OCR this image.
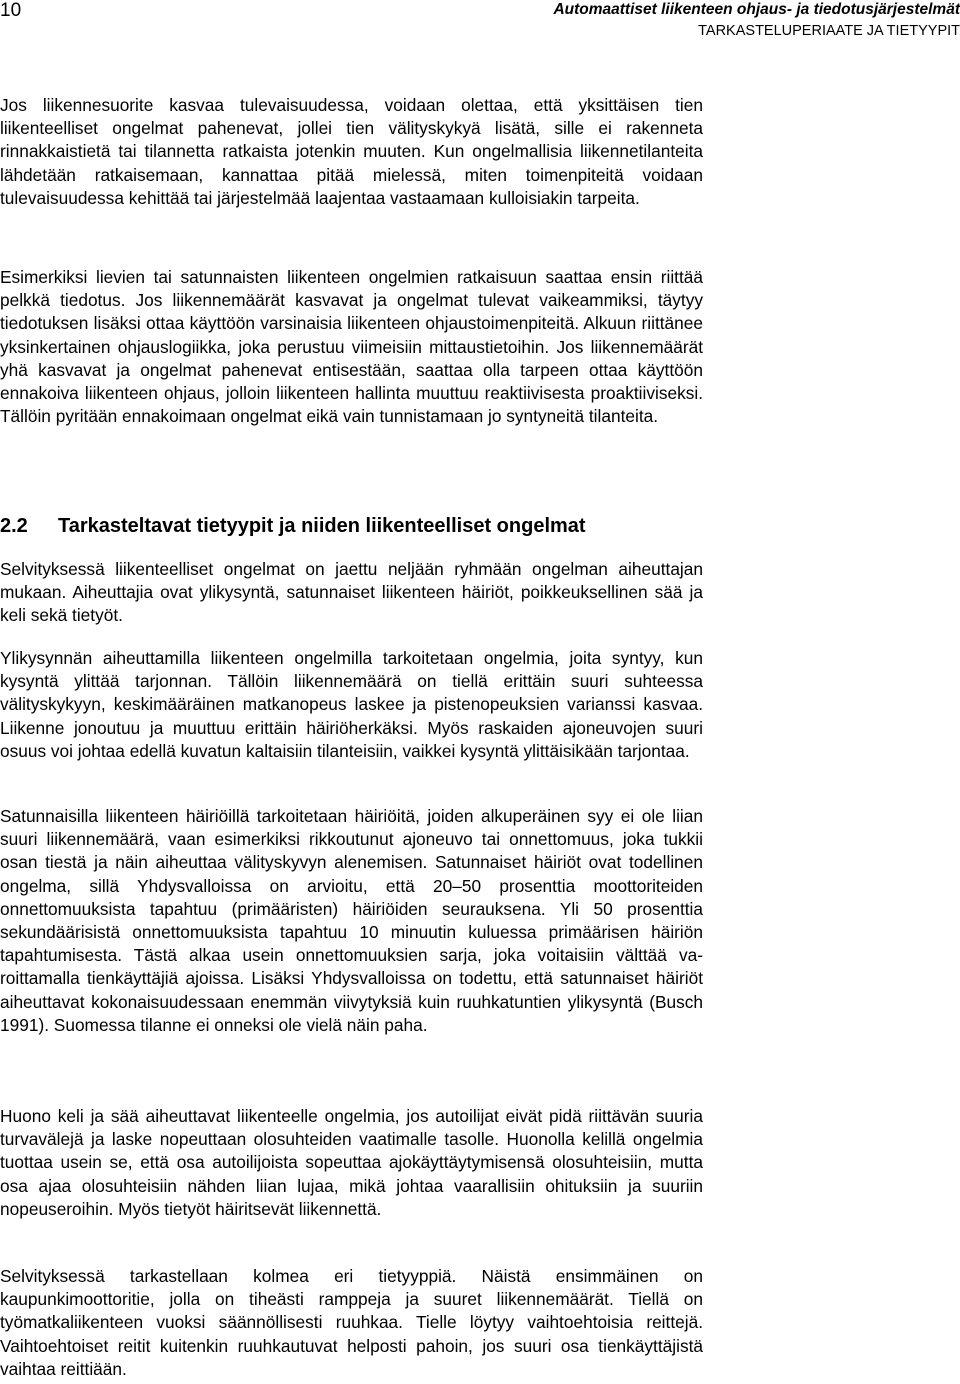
10	Automaattiset liikenteen ohjaus- ja tiedotusjärjestelmät
TARKASTELUPERIAATE JA TIETYYPIT

Jos liikennesuorite kasvaa tulevaisuudessa, voidaan olettaa, että yksittäisen tien liikenteelliset ongelmat pahenevat, jollei tien välityskykyä lisätä, sille ei rakenneta rinnakkaistietä tai tilannetta ratkaista jotenkin muuten. Kun ongelmallisia liikennetilanteita lähdetään ratkaisemaan, kannattaa pitää mielessä, miten toimenpiteitä voidaan tulevaisuudessa kehittää tai järjestelmää laajentaa vastaamaan kulloisiakin tarpeita.

Esimerkiksi lievien tai satunnaisten liikenteen ongelmien ratkaisuun saattaa ensin riittää pelkkä tiedotus. Jos liikennemäärät kasvavat ja ongelmat tulevat vaikeammiksi, täytyy tiedotuksen lisäksi ottaa käyttöön varsinaisia liikenteen ohjaustoimenpiteitä. Alkuun riittänee yksinkertainen ohjauslogiikka, joka perustuu viimeisiin mittaustietoihin. Jos liikennemäärät yhä kasvavat ja ongelmat pahenevat entisestään, saattaa olla tarpeen ottaa käyttöön ennakoiva liikenteen ohjaus, jolloin liikenteen hallinta muuttuu reaktiivisesta proaktiiviseksi. Tällöin pyritään ennakoimaan ongelmat eikä vain tunnistamaan jo syntyneitä tilanteita.

2.2 Tarkasteltavat tietyypit ja niiden liikenteelliset ongelmat

Selvityksessä liikenteelliset ongelmat on jaettu neljään ryhmään ongelman aiheuttajan mukaan. Aiheuttajia ovat ylikysyntä, satunnaiset liikenteen häiriöt, poikkeuksellinen sää ja keli sekä tietyöt.

Ylikysynnän aiheuttamilla liikenteen ongelmilla tarkoitetaan ongelmia, joita syntyy, kun kysyntä ylittää tarjonnan. Tällöin liikennemäärä on tiellä erittäin suuri suhteessa välityskykyyn, keskimääräinen matkanopeus laskee ja pistenopeuksien varianssi kasvaa. Liikenne jonoutuu ja muuttuu erittäin häiriöherkäksi. Myös raskaiden ajoneuvojen suuri osuus voi johtaa edellä kuvatun kaltaisiin tilanteisiin, vaikkei kysyntä ylittäisikään tarjontaa.

Satunnaisilla liikenteen häiriöillä tarkoitetaan häiriöitä, joiden alkuperäinen syy ei ole liian suuri liikennemäärä, vaan esimerkiksi rikkoutunut ajoneuvo tai onnettomuus, joka tukkii osan tiestä ja näin aiheuttaa välityskyvyn alenemisen. Satunnaiset häiriöt ovat todellinen ongelma, sillä Yhdysvalloissa on arvioitu, että 20–50 prosenttia moottoriteiden onnettomuuksista tapahtuu (primääristen) häiriöiden seurauksena. Yli 50 prosenttia sekundäärisistä onnettomuuksista tapahtuu 10 minuutin kuluessa primäärisen häiriön tapahtumisesta. Tästä alkaa usein onnettomuuksien sarja, joka voitaisiin välttää varoittamalla tienkäyttäjiä ajoissa. Lisäksi Yhdysvalloissa on todettu, että satunnaiset häiriöt aiheuttavat kokonaisuudessaan enemmän viivytyksiä kuin ruuhkatuntien ylikysyntä (Busch 1991). Suomessa tilanne ei onneksi ole vielä näin paha.

Huono keli ja sää aiheuttavat liikenteelle ongelmia, jos autoilijat eivät pidä riittävän suuria turvavälejä ja laske nopeuttaan olosuhteiden vaatimalle tasolle. Huonolla kelillä ongelmia tuottaa usein se, että osa autoilijoista sopeuttaa ajokäyttäytymisensä olosuhteisiin, mutta osa ajaa olosuhteisiin nähden liian lujaa, mikä johtaa vaarallisiin ohituksiin ja suuriin nopeuseroihin. Myös tietyöt häiritsevät liikennettä.

Selvityksessä tarkastellaan kolmea eri tietyyppiä. Näistä ensimmäinen on kaupunkimoottoritie, jolla on tiheästi ramppeja ja suuret liikennemäärät. Tiellä on työmatkaliikenteen vuoksi säännöllisesti ruuhkaa. Tielle löytyy vaihtoehtoisia reittejä. Vaihtoehtoiset reitit kuitenkin ruuhkautuvat helposti pahoin, jos suuri osa tienkäyttäjistä vaihtaa reittiään.
